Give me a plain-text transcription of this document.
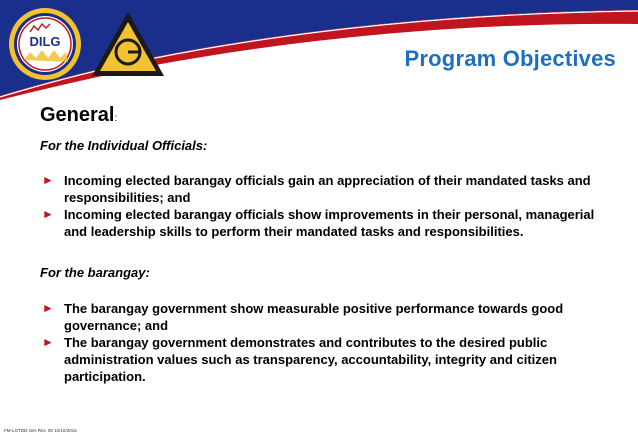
DILG
Program Objectives
General:
For the Individual Officials:
► Incoming elected barangay officials gain an appreciation of their mandated tasks and responsibilities; and
► Incoming elected barangay officials show improvements in their personal, managerial and leadership skills to perform their mandated tasks and responsibilities.
For the barangay:
► The barangay government show measurable positive performance towards good governance; and
► The barangay government demonstrates and contributes to the desired public administration values such as transparency, accountability, integrity and citizen participation.
FM-LGTDD-16A Rev. 00 10/10/2016
